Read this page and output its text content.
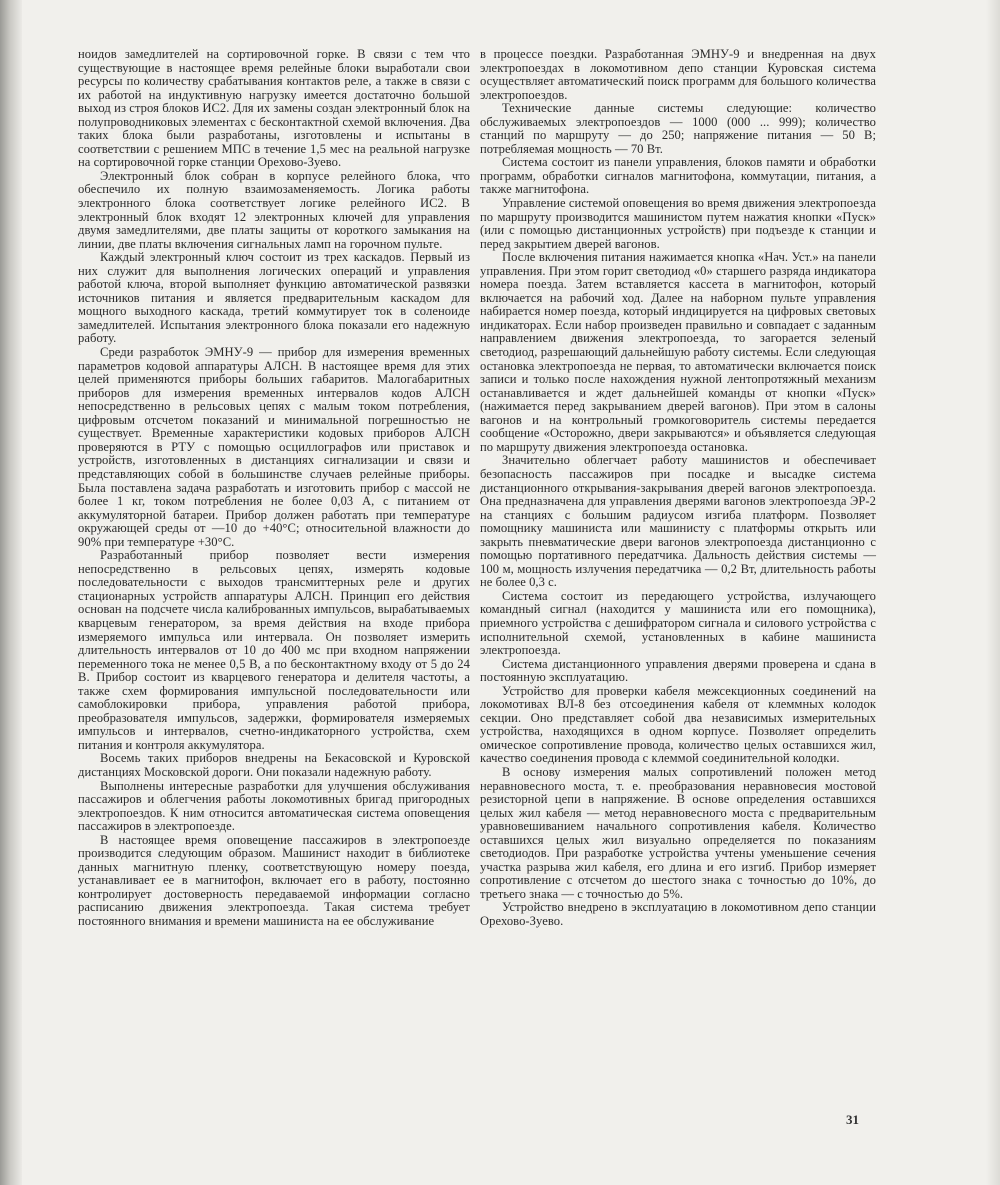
ноидов замедлителей на сортировочной горке. В связи с тем что существующие в настоящее время релейные блоки выработали свои ресурсы по количеству срабатывания контактов реле, а также в связи с их работой на индуктивную нагрузку имеется достаточно большой выход из строя блоков ИС2. Для их замены создан электронный блок на полупроводниковых элементах с бесконтактной схемой включения. Два таких блока были разработаны, изготовлены и испытаны в соответствии с решением МПС в течение 1,5 мес на реальной нагрузке на сортировочной горке станции Орехово-Зуево.

Электронный блок собран в корпусе релейного блока, что обеспечило их полную взаимозаменяемость. Логика работы электронного блока соответствует логике релейного ИС2. В электронный блок входят 12 электронных ключей для управления двумя замедлителями, две платы защиты от короткого замыкания на линии, две платы включения сигнальных ламп на горочном пульте.

Каждый электронный ключ состоит из трех каскадов. Первый из них служит для выполнения логических операций и управления работой ключа, второй выполняет функцию автоматической развязки источников питания и является предварительным каскадом для мощного выходного каскада, третий коммутирует ток в соленоиде замедлителей. Испытания электронного блока показали его надежную работу.

Среди разработок ЭМНУ-9 — прибор для измерения временных параметров кодовой аппаратуры АЛСН. В настоящее время для этих целей применяются приборы больших габаритов. Малогабаритных приборов для измерения временных интервалов кодов АЛСН непосредственно в рельсовых цепях с малым током потребления, цифровым отсчетом показаний и минимальной погрешностью не существует. Временные характеристики кодовых приборов АЛСН проверяются в РТУ с помощью осциллографов или приставок и устройств, изготовленных в дистанциях сигнализации и связи и представляющих собой в большинстве случаев релейные приборы. Была поставлена задача разработать и изготовить прибор с массой не более 1 кг, током потребления не более 0,03 А, с питанием от аккумуляторной батареи. Прибор должен работать при температуре окружающей среды от —10 до +40°С; относительной влажности до 90% при температуре +30°С.

Разработанный прибор позволяет вести измерения непосредственно в рельсовых цепях, измерять кодовые последовательности с выходов трансмиттерных реле и других стационарных устройств аппаратуры АЛСН. Принцип его действия основан на подсчете числа калиброванных импульсов, вырабатываемых кварцевым генератором, за время действия на входе прибора измеряемого импульса или интервала. Он позволяет измерить длительность интервалов от 10 до 400 мс при входном напряжении переменного тока не менее 0,5 В, а по бесконтактному входу от 5 до 24 В. Прибор состоит из кварцевого генератора и делителя частоты, а также схем формирования импульсной последовательности или самоблокировки прибора, управления работой прибора, преобразователя импульсов, задержки, формирователя измеряемых импульсов и интервалов, счетно-индикаторного устройства, схем питания и контроля аккумулятора.

Восемь таких приборов внедрены на Бекасовской и Куровской дистанциях Московской дороги. Они показали надежную работу.

Выполнены интересные разработки для улучшения обслуживания пассажиров и облегчения работы локомотивных бригад пригородных электропоездов. К ним относится автоматическая система оповещения пассажиров в электропоезде.

В настоящее время оповещение пассажиров в электропоезде производится следующим образом. Машинист находит в библиотеке данных магнитную пленку, соответствующую номеру поезда, устанавливает ее в магнитофон, включает его в работу, постоянно контролирует достоверность передаваемой информации согласно расписанию движения электропоезда. Такая система требует постоянного внимания и времени машиниста на ее обслуживание

в процессе поездки. Разработанная ЭМНУ-9 и внедренная на двух электропоездах в локомотивном депо станции Куровская система осуществляет автоматический поиск программ для большого количества электропоездов.

Технические данные системы следующие: количество обслуживаемых электропоездов — 1000 (000 ... 999); количество станций по маршруту — до 250; напряжение питания — 50 В; потребляемая мощность — 70 Вт.

Система состоит из панели управления, блоков памяти и обработки программ, обработки сигналов магнитофона, коммутации, питания, а также магнитофона.

Управление системой оповещения во время движения электропоезда по маршруту производится машинистом путем нажатия кнопки «Пуск» (или с помощью дистанционных устройств) при подъезде к станции и перед закрытием дверей вагонов.

После включения питания нажимается кнопка «Нач. Уст.» на панели управления. При этом горит светодиод «0» старшего разряда индикатора номера поезда. Затем вставляется кассета в магнитофон, который включается на рабочий ход. Далее на наборном пульте управления набирается номер поезда, который индицируется на цифровых световых индикаторах. Если набор произведен правильно и совпадает с заданным направлением движения электропоезда, то загорается зеленый светодиод, разрешающий дальнейшую работу системы. Если следующая остановка электропоезда не первая, то автоматически включается поиск записи и только после нахождения нужной лентопротяжный механизм останавливается и ждет дальнейшей команды от кнопки «Пуск» (нажимается перед закрыванием дверей вагонов). При этом в салоны вагонов и на контрольный громкоговоритель системы передается сообщение «Осторожно, двери закрываются» и объявляется следующая по маршруту движения электропоезда остановка.

Значительно облегчает работу машинистов и обеспечивает безопасность пассажиров при посадке и высадке система дистанционного открывания-закрывания дверей вагонов электропоезда. Она предназначена для управления дверями вагонов электропоезда ЭР-2 на станциях с большим радиусом изгиба платформ. Позволяет помощнику машиниста или машинисту с платформы открыть или закрыть пневматические двери вагонов электропоезда дистанционно с помощью портативного передатчика. Дальность действия системы — 100 м, мощность излучения передатчика — 0,2 Вт, длительность работы не более 0,3 с.

Система состоит из передающего устройства, излучающего командный сигнал (находится у машиниста или его помощника), приемного устройства с дешифратором сигнала и силового устройства с исполнительной схемой, установленных в кабине машиниста электропоезда.

Система дистанционного управления дверями проверена и сдана в постоянную эксплуатацию.

Устройство для проверки кабеля межсекционных соединений на локомотивах ВЛ-8 без отсоединения кабеля от клеммных колодок секции. Оно представляет собой два независимых измерительных устройства, находящихся в одном корпусе. Позволяет определить омическое сопротивление провода, количество целых оставшихся жил, качество соединения провода с клеммой соединительной колодки.

В основу измерения малых сопротивлений положен метод неравновесного моста, т. е. преобразования неравновесия мостовой резисторной цепи в напряжение. В основе определения оставшихся целых жил кабеля — метод неравновесного моста с предварительным уравновешиванием начального сопротивления кабеля. Количество оставшихся целых жил визуально определяется по показаниям светодиодов. При разработке устройства учтены уменьшение сечения участка разрыва жил кабеля, его длина и его изгиб. Прибор измеряет сопротивление с отсчетом до шестого знака с точностью до 10%, до третьего знака — с точностью до 5%.

Устройство внедрено в эксплуатацию в локомотивном депо станции Орехово-Зуево.

31
